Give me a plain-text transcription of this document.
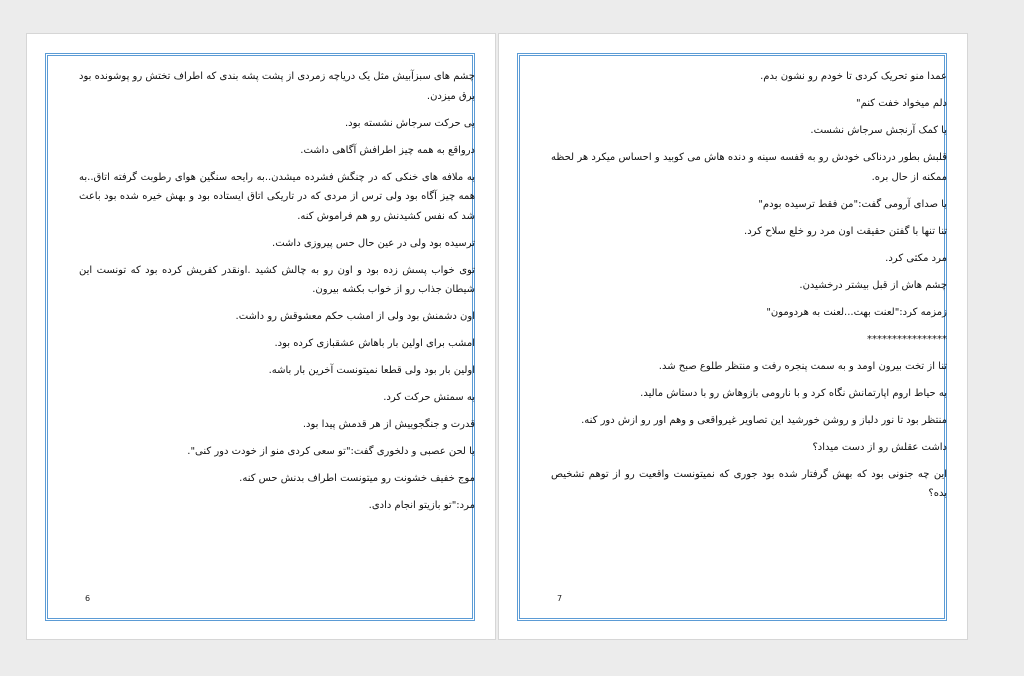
چشم های سبزآبیش مثل یک دریاچه زمردی از پشت پشه بندی که اطراف تختش رو پوشونده بود برق میزدن.

بی حرکت سرجاش نشسته بود.

درواقع به همه چیز اطرافش آگاهی داشت.

به ملافه های خنکی که در چنگش فشرده میشدن..به رایحه سنگین هوای رطوبت گرفته اتاق..به همه چیز آگاه بود ولی ترس از مردی که در تاریکی اتاق ایستاده بود و بهش خیره شده بود باعث شد که نفس کشیدنش رو هم فراموش کنه.

ترسیده بود ولی در عین حال حس پیروزی داشت.

توی خواب پسش زده بود و اون رو به چالش کشید .اونقدر کفریش کرده بود که تونست این شیطان جذاب رو از خواب بکشه بیرون.

اون دشمنش بود ولی از امشب حکم معشوقش رو داشت.

امشب برای اولین بار باهاش عشقبازی کرده بود.

اولین بار بود ولی قطعا نمیتونست آخرین بار باشه.

به سمتش حرکت کرد.

قدرت و جنگجوییش از هر قدمش پیدا بود.

با لحن عصبی و دلخوری گفت:"تو سعی کردی منو از خودت دور کنی".

موج خفیف خشونت رو میتونست اطراف بدنش حس کنه.

مرد:"تو بازیتو انجام دادی.

6

عمدا منو تحریک کردی تا خودم رو نشون بدم.

دلم میخواد خفت کنم"

با کمک آرنجش سرجاش نشست.

قلبش بطور دردناکی خودش رو به قفسه سینه و دنده هاش می کوبید و احساس میکرد هر لحظه ممکنه از حال بره.

با صدای آرومی گفت:"من فقط ترسیده بودم"

تنا تنها با گفتن حقیقت اون مرد رو خلع سلاح کرد.

مرد مکثی کرد.

چشم هاش از قبل بیشتر درخشیدن.

زمزمه کرد:"لعنت بهت...لعنت به هردومون"

****************

تنا از تخت بیرون اومد و به سمت پنجره رفت و منتظر طلوع صبح شد.

به حیاط اروم اپارتمانش نگاه کرد و با نارومی بازوهاش رو با دستاش مالید.

منتظر بود تا نور دلباز و روشن خورشید این تصاویر غیرواقعی و وهم اور رو ازش دور کنه.

داشت عقلش رو از دست میداد؟

این چه جنونی بود که بهش گرفتار شده بود جوری که نمیتونست واقعیت رو از توهم تشخیص بده؟

7
